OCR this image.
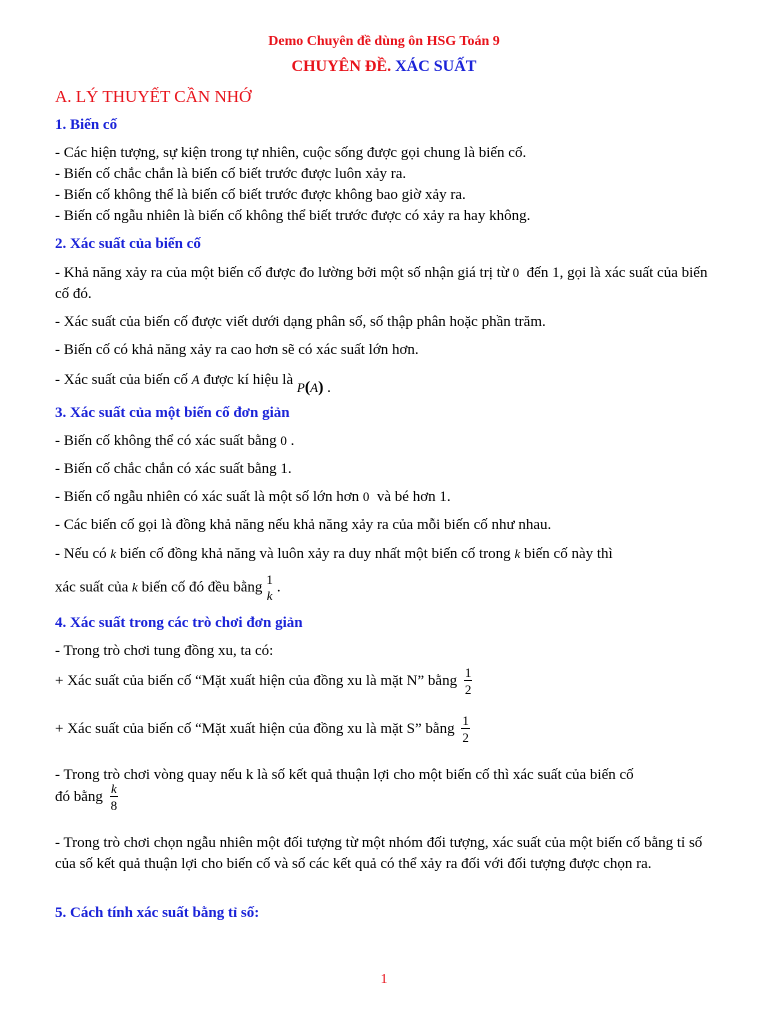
Demo Chuyên đề dùng ôn HSG Toán 9
CHUYÊN ĐỀ. XÁC SUẤT
A. LÝ THUYẾT CẦN NHỚ
1. Biến cố
- Các hiện tượng, sự kiện trong tự nhiên, cuộc sống được gọi chung là biến cố.
- Biến cố chắc chắn là biến cố biết trước được luôn xảy ra.
- Biến cố không thể là biến cố biết trước được không bao giờ xảy ra.
- Biến cố ngẫu nhiên là biến cố không thể biết trước được có xảy ra hay không.
2. Xác suất của biến cố
- Khả năng xảy ra của một biến cố được đo lường bởi một số nhận giá trị từ 0 đến 1, gọi là xác suất của biến cố đó.
- Xác suất của biến cố được viết dưới dạng phân số, số thập phân hoặc phần trăm.
- Biến cố có khả năng xảy ra cao hơn sẽ có xác suất lớn hơn.
- Xác suất của biến cố A được kí hiệu là P(A) .
3. Xác suất của một biến cố đơn giản
- Biến cố không thể có xác suất bằng 0 .
- Biến cố chắc chắn có xác suất bằng 1.
- Biến cố ngẫu nhiên có xác suất là một số lớn hơn 0 và bé hơn 1.
- Các biến cố gọi là đồng khả năng nếu khả năng xảy ra của mỗi biến cố như nhau.
- Nếu có k biến cố đồng khả năng và luôn xảy ra duy nhất một biến cố trong k biến cố này thì
xác suất của k biến cố đó đều bằng 1
k
.
4. Xác suất trong các trò chơi đơn giản
- Trong trò chơi tung đồng xu, ta có:
+ Xác suất của biến cố “Mặt xuất hiện của đồng xu là mặt N” bằng $\frac{1}{2}$
+ Xác suất của biến cố “Mặt xuất hiện của đồng xu là mặt S” bằng $\frac{1}{2}$
- Trong trò chơi vòng quay nếu k là số kết quả thuận lợi cho một biến cố thì xác suất của biến cố
đó bằng $\frac{k}{8}$
- Trong trò chơi chọn ngẫu nhiên một đối tượng từ một nhóm đối tượng, xác suất của một biến cố bằng tỉ số của số kết quả thuận lợi cho biến cố và số các kết quả có thể xảy ra đối với đối tượng được chọn ra.
5. Cách tính xác suất bằng tỉ số:
1
